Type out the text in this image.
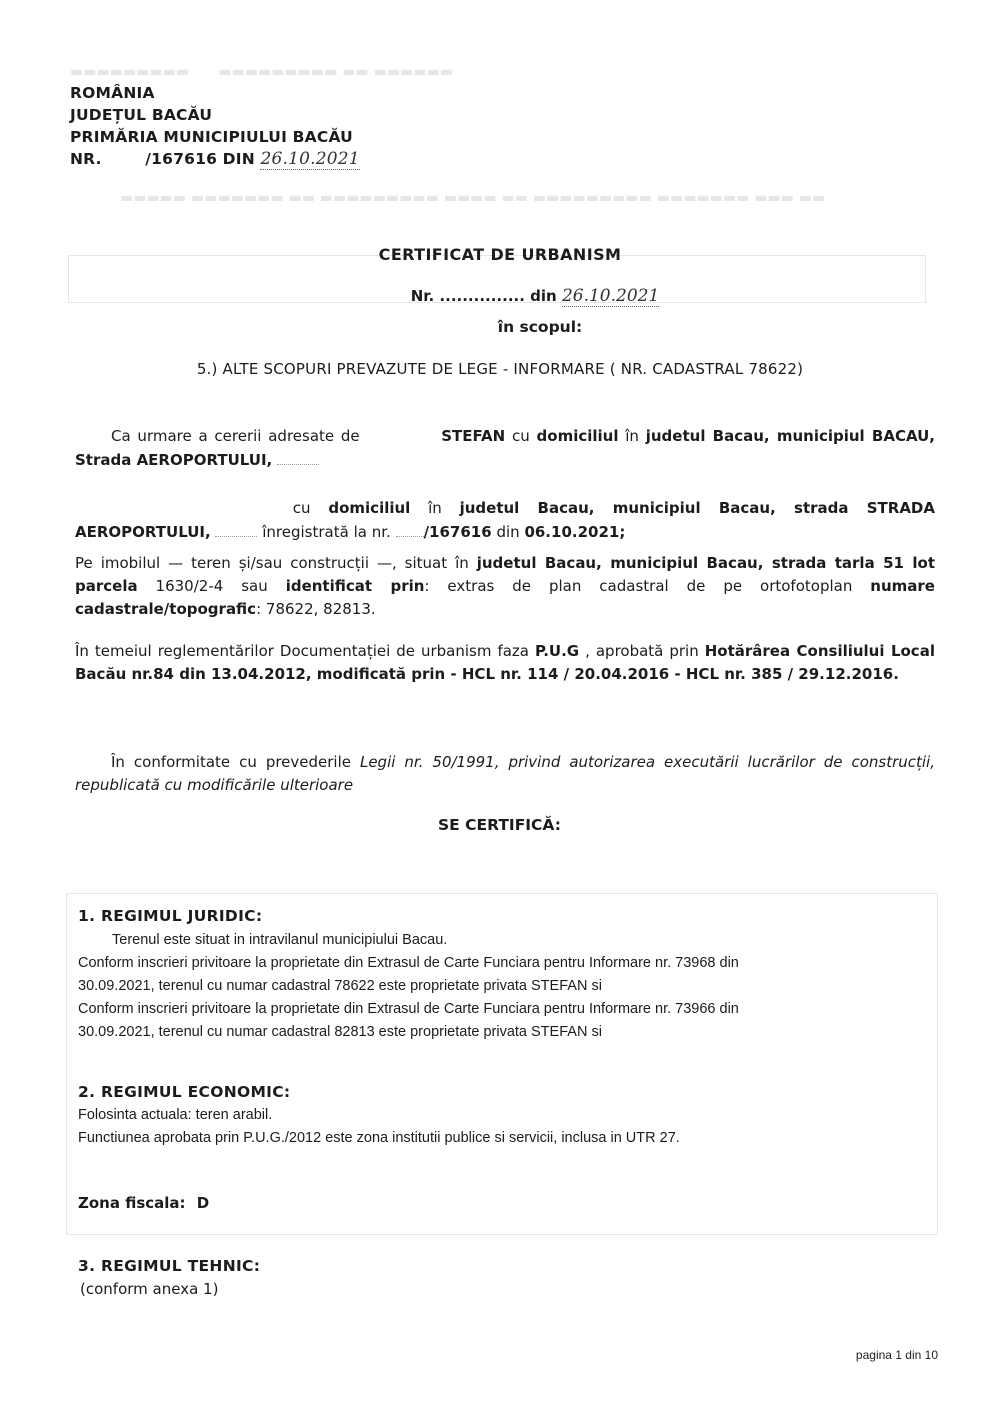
▬▬▬▬▬▬ ▬▬ ▬▬▬▬▬▬▬▬▬      ▬▬▬▬▬▬▬▬▬
▬▬ ▬▬▬ ▬▬▬▬▬▬▬ ▬▬▬▬▬▬▬▬▬ ▬▬ ▬▬▬▬ ▬▬▬▬▬▬▬▬▬ ▬▬ ▬▬▬▬▬▬▬ ▬▬▬▬▬
ROMÂNIA
JUDEȚUL BACĂU
PRIMĂRIA MUNICIPIULUI BACĂU
NR.	/167616 DIN 26.10.2021
CERTIFICAT DE URBANISM
Nr. ............... din 26.10.2021
în scopul:
5.) ALTE SCOPURI PREVAZUTE DE LEGE - INFORMARE ( NR. CADASTRAL 78622)
Ca urmare a cererii adresate de	STEFAN cu domiciliul în judetul Bacau, municipiul BACAU, Strada AEROPORTULUI,

cu domiciliul în judetul Bacau, municipiul Bacau, strada STRADA AEROPORTULUI,	înregistrată la nr. /167616 din 06.10.2021;
Pe imobilul — teren și/sau construcții —, situat în judetul Bacau, municipiul Bacau, strada tarla 51 lot parcela 1630/2-4 sau identificat prin: extras de plan cadastral de pe ortofotoplan numare cadastrale/topografic: 78622, 82813.
În temeiul reglementărilor Documentației de urbanism faza P.U.G , aprobată prin Hotărârea Consiliului Local Bacău nr.84 din 13.04.2012, modificată prin - HCL nr. 114 / 20.04.2016 - HCL nr. 385 / 29.12.2016.
În conformitate cu prevederile Legii nr. 50/1991, privind autorizarea executării lucrărilor de construcții, republicată cu modificările ulterioare
SE CERTIFICĂ:
1. REGIMUL JURIDIC:
Terenul este situat in intravilanul municipiului Bacau.
Conform inscrieri privitoare la proprietate din Extrasul de Carte Funciara pentru Informare nr. 73968 din
30.09.2021, terenul cu numar cadastral 78622 este proprietate privata STEFAN si
Conform inscrieri privitoare la proprietate din Extrasul de Carte Funciara pentru Informare nr. 73966 din
30.09.2021, terenul cu numar cadastral 82813 este proprietate privata STEFAN si
2. REGIMUL ECONOMIC:
Folosinta actuala: teren arabil.
Functiunea aprobata prin P.U.G./2012 este zona institutii publice si servicii, inclusa in UTR 27.
Zona fiscala: D
3. REGIMUL TEHNIC:
(conform anexa 1)
pagina 1 din 10
